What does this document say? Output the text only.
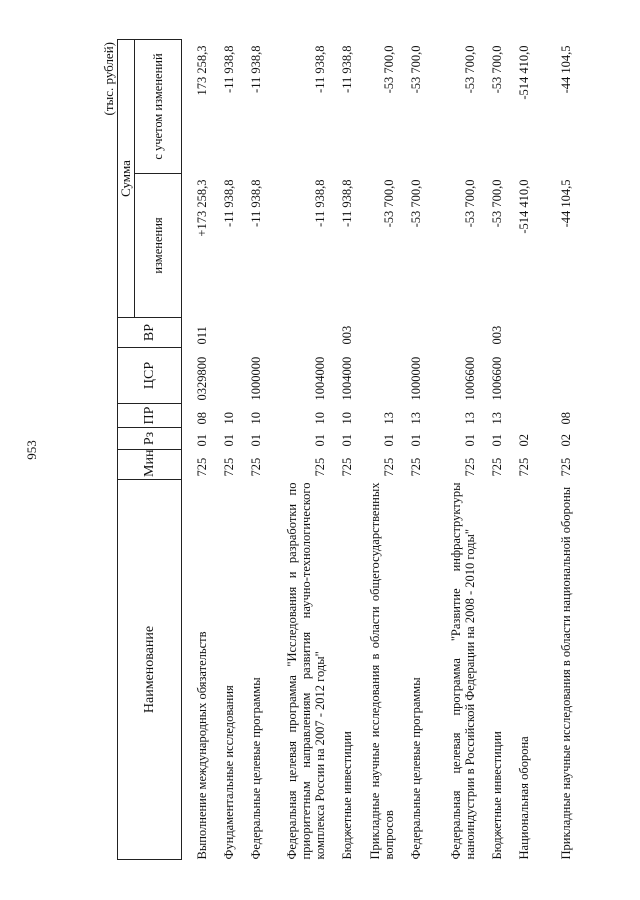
953
(тыс. рублей)
Наименование	Мин	Рз	ПР	ЦСР	ВР	Сумма	
						изменения	с учетом изменений
Выполнение международных обязательств	725	01	08	0329800	011	+173 258,3	173 258,3
Фундаментальные исследования	725	01	10			-11 938,8	-11 938,8
Федеральные целевые программы	725	01	10	1000000		-11 938,8	-11 938,8
Федеральная целевая программа "Исследования и разработки по приоритетным направлениям развития научно-технологического комплекса России на 2007 - 2012 годы"	725	01	10	1004000		-11 938,8	-11 938,8
Бюджетные инвестиции	725	01	10	1004000	003	-11 938,8	-11 938,8
Прикладные научные исследования в области общегосударственных вопросов	725	01	13			-53 700,0	-53 700,0
Федеральные целевые программы	725	01	13	1000000		-53 700,0	-53 700,0
Федеральная целевая программа "Развитие инфраструктуры наноиндустрии в Российской Федерации на 2008 - 2010 годы"	725	01	13	1006600		-53 700,0	-53 700,0
Бюджетные инвестиции	725	01	13	1006600	003	-53 700,0	-53 700,0
Национальная оборона	725	02				-514 410,0	-514 410,0
Прикладные научные исследования в области национальной обороны	725	02	08			-44 104,5	-44 104,5
